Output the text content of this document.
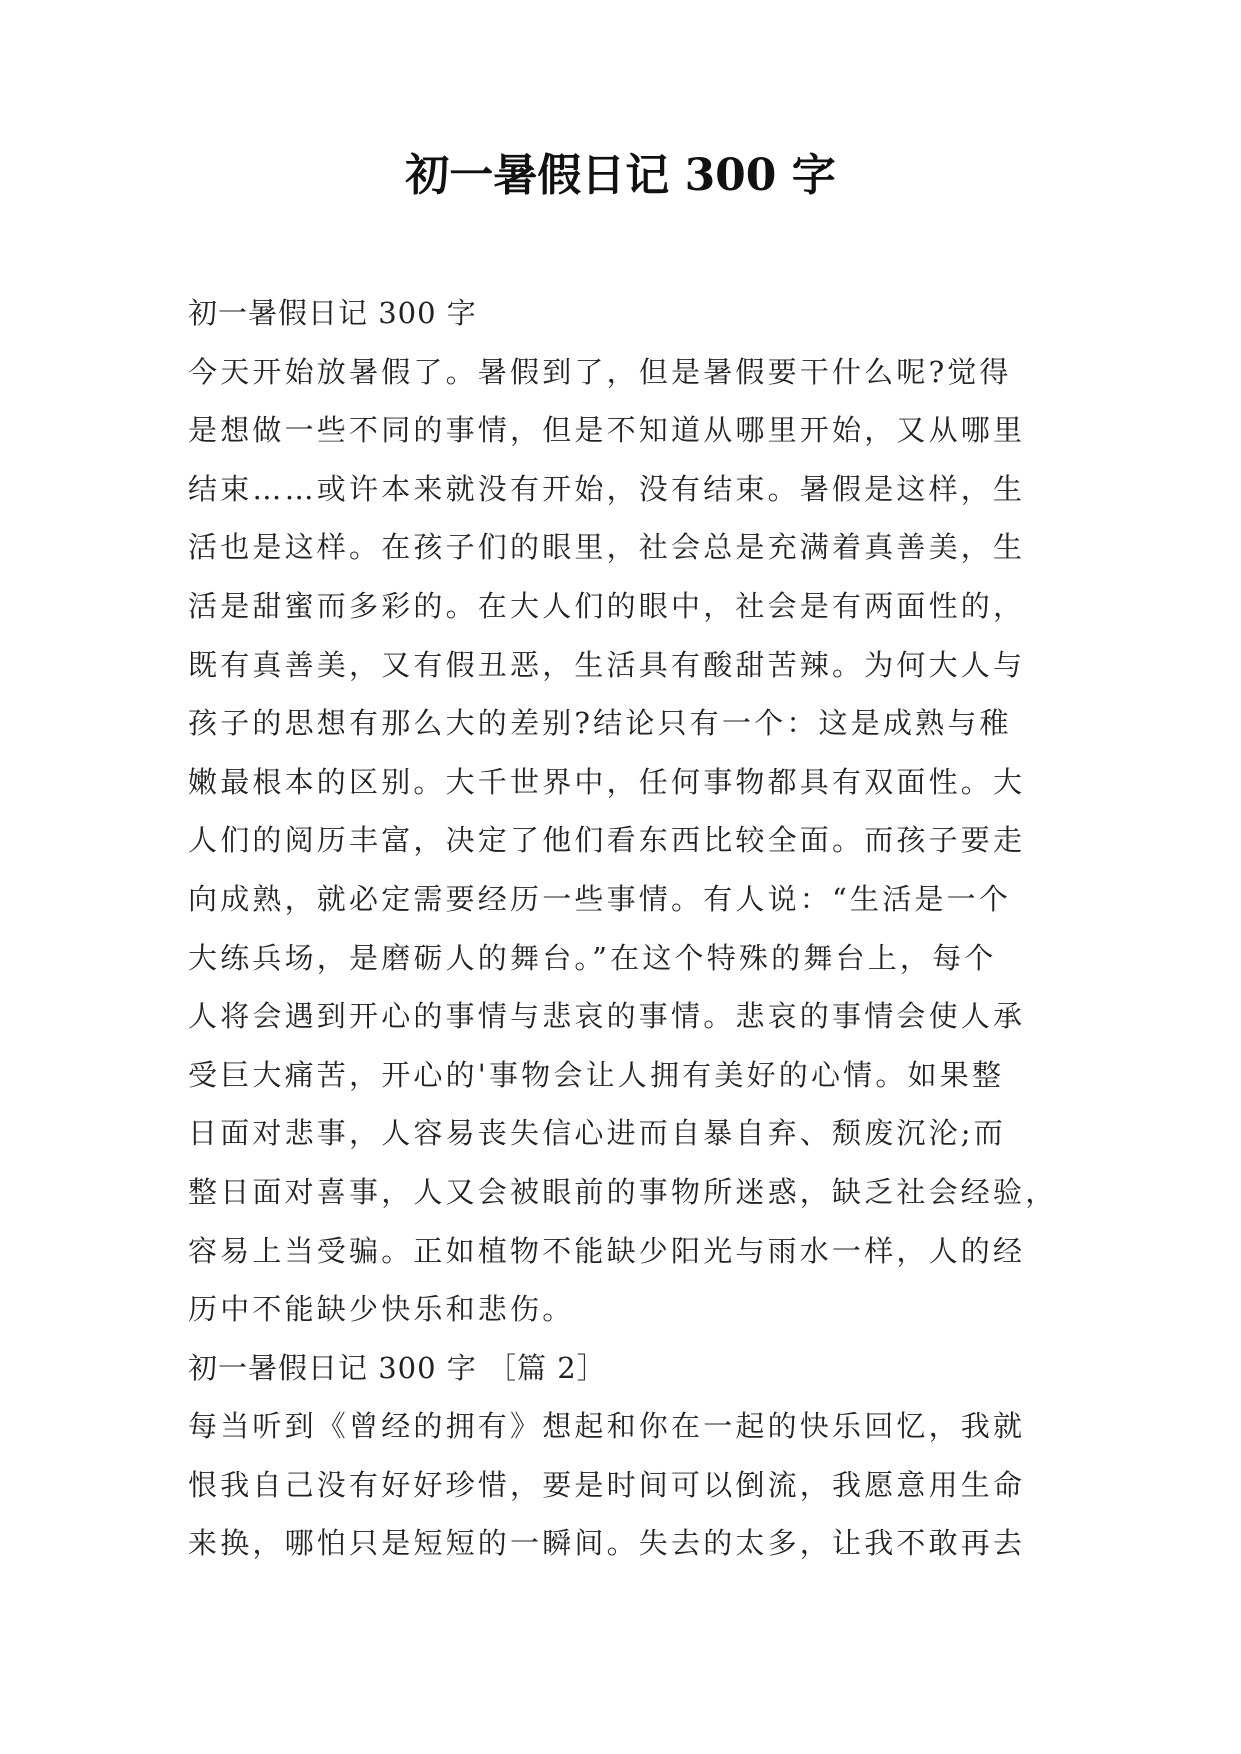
初一暑假日记 300 字

初一暑假日记 300 字

今天开始放暑假了。暑假到了，但是暑假要干什么呢?觉得

是想做一些不同的事情，但是不知道从哪里开始，又从哪里

结束……或许本来就没有开始，没有结束。暑假是这样，生

活也是这样。在孩子们的眼里，社会总是充满着真善美，生

活是甜蜜而多彩的。在大人们的眼中，社会是有两面性的，

既有真善美，又有假丑恶，生活具有酸甜苦辣。为何大人与

孩子的思想有那么大的差别?结论只有一个：这是成熟与稚

嫩最根本的区别。大千世界中，任何事物都具有双面性。大

人们的阅历丰富，决定了他们看东西比较全面。而孩子要走

向成熟，就必定需要经历一些事情。有人说：“生活是一个

大练兵场，是磨砺人的舞台。”在这个特殊的舞台上，每个

人将会遇到开心的事情与悲哀的事情。悲哀的事情会使人承

受巨大痛苦，开心的'事物会让人拥有美好的心情。如果整

日面对悲事，人容易丧失信心进而自暴自弃、颓废沉沦;而

整日面对喜事，人又会被眼前的事物所迷惑，缺乏社会经验，

容易上当受骗。正如植物不能缺少阳光与雨水一样，人的经

历中不能缺少快乐和悲伤。

初一暑假日记 300 字 ［篇 2］

每当听到《曾经的拥有》想起和你在一起的快乐回忆，我就

恨我自己没有好好珍惜，要是时间可以倒流，我愿意用生命

来换，哪怕只是短短的一瞬间。失去的太多，让我不敢再去
